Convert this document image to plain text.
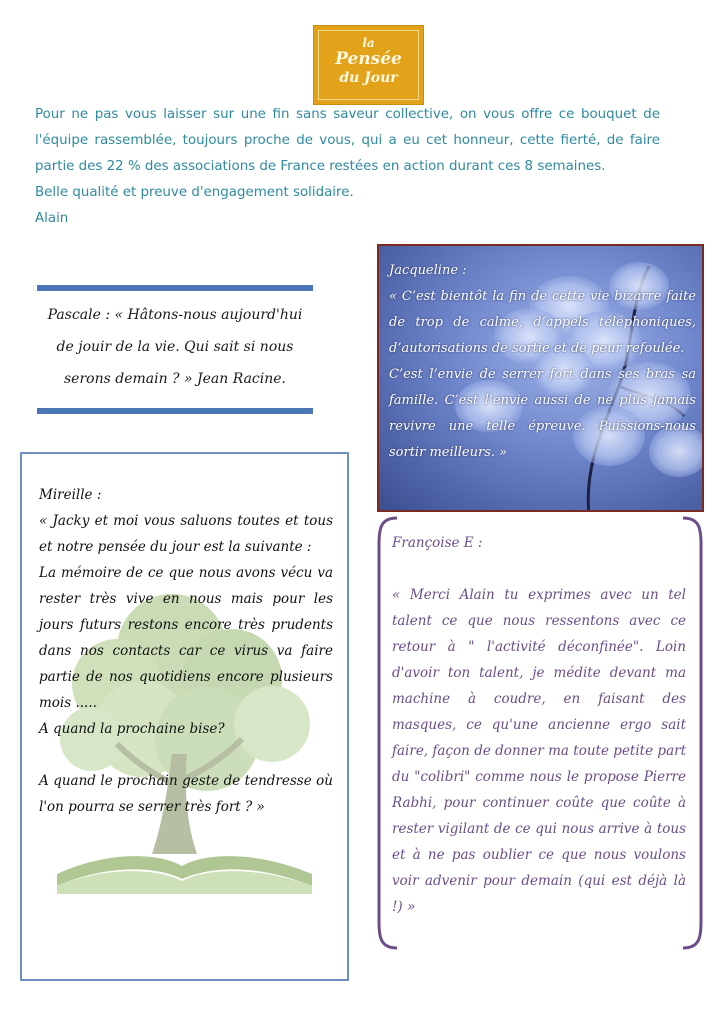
la
Pensée
du Jour

Pour ne pas vous laisser sur une fin sans saveur collective, on vous offre ce bouquet de l'équipe rassemblée, toujours proche de vous, qui a eu cet honneur, cette fierté, de faire partie des 22 % des associations de France restées en action durant ces 8 semaines.

Belle qualité et preuve d'engagement solidaire.

Alain

Pascale : « Hâtons-nous aujourd'hui de jouir de la vie. Qui sait si nous serons demain ? » Jean Racine.

Jacqueline :

« C’est bientôt la fin de cette vie bizarre faite de trop de calme, d’appels téléphoniques, d’autorisations de sortie et de peur refoulée.

C’est l’envie de serrer fort dans ses bras sa famille. C’est l’envie aussi de ne plus jamais revivre une telle épreuve. Puissions-nous sortir meilleurs. »

Mireille :

« Jacky et moi vous saluons toutes et tous et notre pensée du jour est la suivante :

La mémoire de ce que nous avons vécu va rester très vive en nous mais pour les jours futurs restons encore très prudents dans nos contacts car ce virus va faire partie de nos quotidiens encore plusieurs mois .....

A quand la prochaine bise?

A quand le prochain geste de tendresse où l'on pourra se serrer très fort ? »

Françoise E :

« Merci Alain tu exprimes avec un tel talent ce que nous ressentons avec ce retour à " l'activité déconfinée". Loin d'avoir ton talent, je médite devant ma machine à coudre, en faisant des masques, ce qu'une ancienne ergo sait faire, façon de donner ma toute petite part du "colibri" comme nous le propose Pierre Rabhi, pour continuer coûte que coûte à rester vigilant de ce qui nous arrive à tous et à ne pas oublier ce que nous voulons voir advenir pour demain (qui est déjà là !) »
